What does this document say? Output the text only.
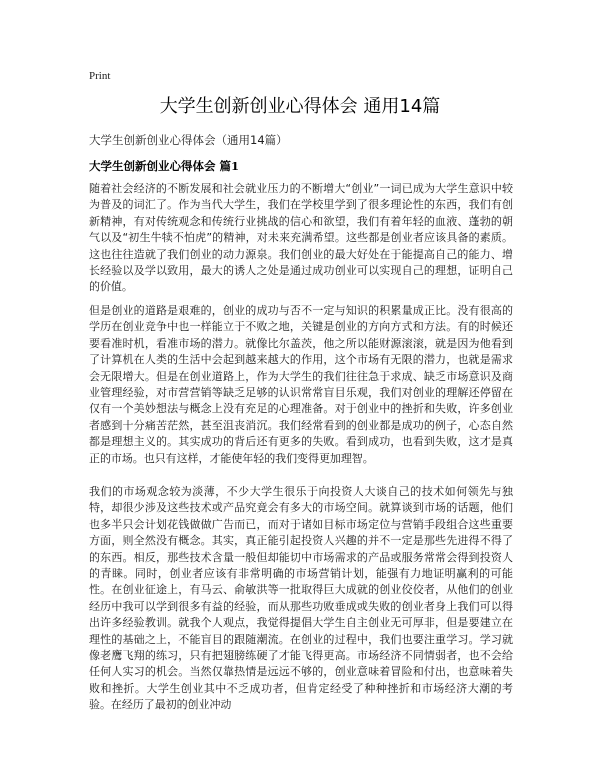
Print
大学生创新创业心得体会 通用14篇
大学生创新创业心得体会（通用14篇）
大学生创新创业心得体会 篇1

随着社会经济的不断发展和社会就业压力的不断增大“创业”一词已成为大学生意识中较为普及的词汇了。作为当代大学生，我们在学校里学到了很多理论性的东西，我们有创新精神，有对传统观念和传统行业挑战的信心和欲望，我们有着年轻的血液、蓬勃的朝气以及“初生牛犊不怕虎”的精神，对未来充满希望。这些都是创业者应该具备的素质。这也往往造就了我们创业的动力源泉。我们创业的最大好处在于能提高自己的能力、增长经验以及学以致用，最大的诱人之处是通过成功创业可以实现自己的理想，证明自己的价值。

但是创业的道路是艰难的，创业的成功与否不一定与知识的积累量成正比。没有很高的学历在创业竞争中也一样能立于不败之地，关键是创业的方向方式和方法。有的时候还要看准时机，看准市场的潜力。就像比尔盖茨，他之所以能财源滚滚，就是因为他看到了计算机在人类的生活中会起到越来越大的作用，这个市场有无限的潜力，也就是需求会无限增大。但是在创业道路上，作为大学生的我们往往急于求成、缺乏市场意识及商业管理经验，对市营营销等缺乏足够的认识常常盲目乐观，我们对创业的理解还停留在仅有一个美妙想法与概念上没有充足的心理准备。对于创业中的挫折和失败，许多创业者感到十分痛苦茫然，甚至沮丧消沉。我们经常看到的创业都是成功的例子，心态自然都是理想主义的。其实成功的背后还有更多的失败。看到成功，也看到失败，这才是真正的市场。也只有这样，才能使年轻的我们变得更加理智。

我们的市场观念较为淡薄，不少大学生很乐于向投资人大谈自己的技术如何领先与独特，却很少涉及这些技术或产品究竟会有多大的市场空间。就算谈到市场的话题，他们也多半只会计划花钱做做广告而已，而对于诸如目标市场定位与营销手段组合这些重要方面，则全然没有概念。其实，真正能引起投资人兴趣的并不一定是那些先进得不得了的东西。相反，那些技术含量一般但却能切中市场需求的产品或服务常常会得到投资人的青睐。同时，创业者应该有非常明确的市场营销计划，能强有力地证明赢利的可能性。在创业征途上，有马云、俞敏洪等一批取得巨大成就的创业佼佼者，从他们的创业经历中我可以学到很多有益的经验，而从那些功败垂成或失败的创业者身上我们可以得出许多经验教训。就我个人观点，我觉得提倡大学生自主创业无可厚非，但是要建立在理性的基础之上，不能盲目的跟随潮流。在创业的过程中，我们也要注重学习。学习就像老鹰飞翔的练习，只有把翅膀练硬了才能飞得更高。市场经济不同情弱者，也不会给任何人实习的机会。当然仅靠热情是远远不够的，创业意味着冒险和付出，也意味着失败和挫折。大学生创业其中不乏成功者，但肯定经受了种种挫折和市场经济大潮的考验。在经历了最初的创业冲动
